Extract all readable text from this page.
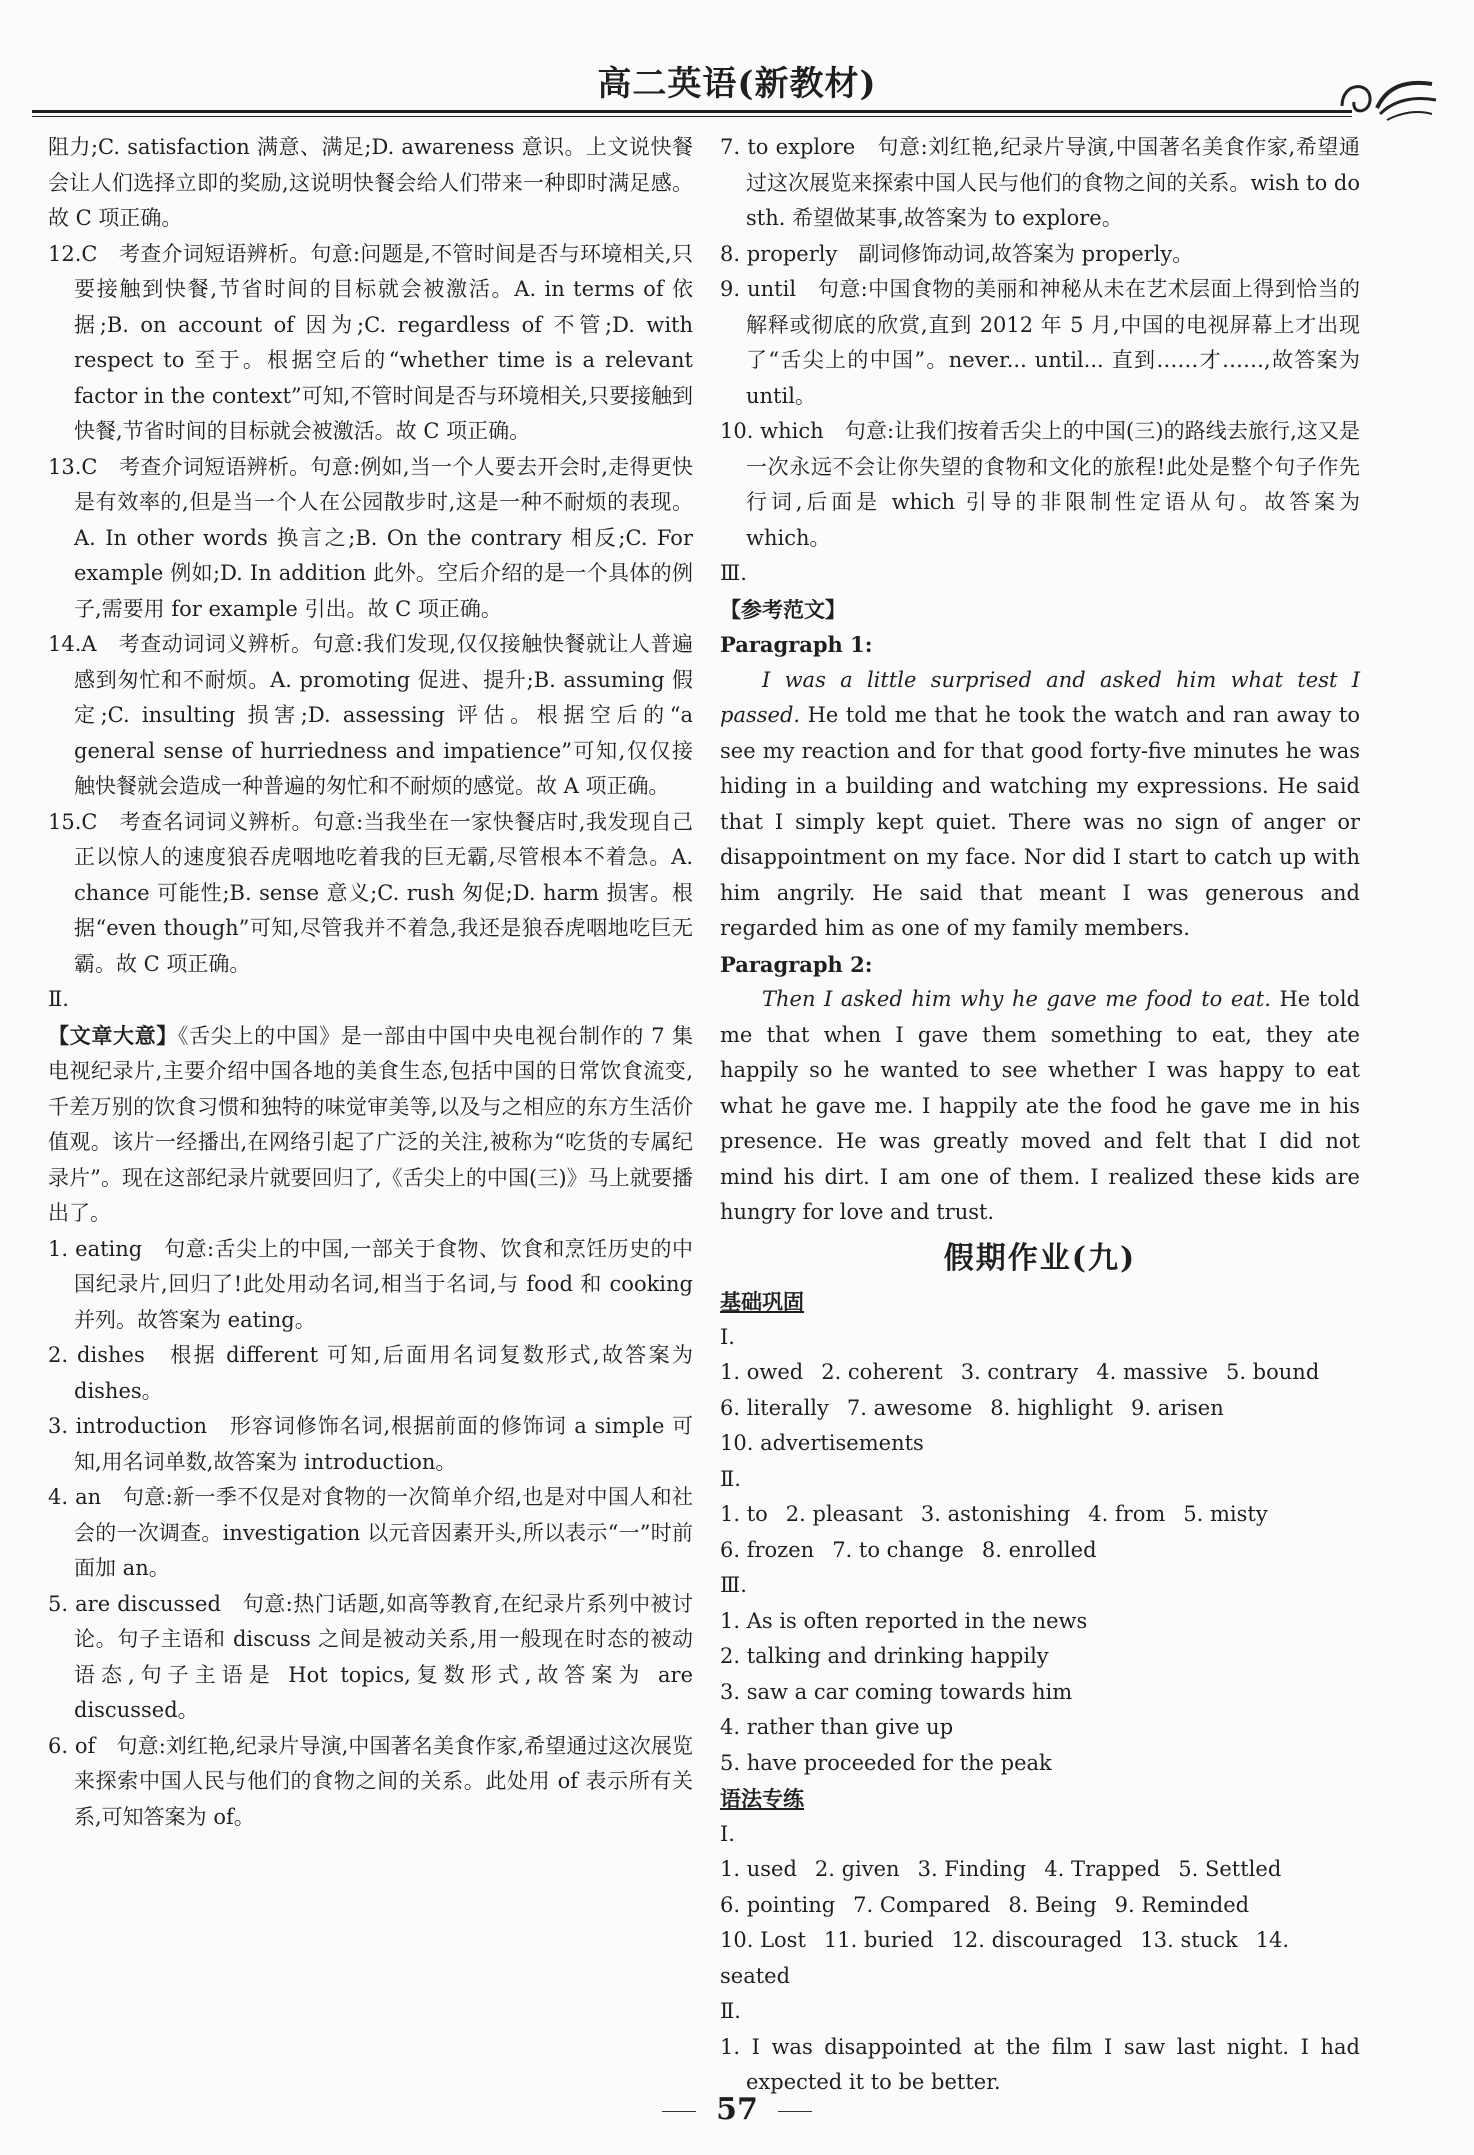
高二英语(新教材)

阻力;C. satisfaction 满意、满足;D. awareness 意识。上文说快餐会让人们选择立即的奖励,这说明快餐会给人们带来一种即时满足感。故 C 项正确。

12.C　考查介词短语辨析。句意:问题是,不管时间是否与环境相关,只要接触到快餐,节省时间的目标就会被激活。A. in terms of 依据;B. on account of 因为;C. regardless of 不管;D. with respect to 至于。根据空后的“whether time is a relevant factor in the context”可知,不管时间是否与环境相关,只要接触到快餐,节省时间的目标就会被激活。故 C 项正确。

13.C　考查介词短语辨析。句意:例如,当一个人要去开会时,走得更快是有效率的,但是当一个人在公园散步时,这是一种不耐烦的表现。A. In other words 换言之;B. On the contrary 相反;C. For example 例如;D. In addition 此外。空后介绍的是一个具体的例子,需要用 for example 引出。故 C 项正确。

14.A　考查动词词义辨析。句意:我们发现,仅仅接触快餐就让人普遍感到匆忙和不耐烦。A. promoting 促进、提升;B. assuming 假定;C. insulting 损害;D. assessing 评估。根据空后的“a general sense of hurriedness and impatience”可知,仅仅接触快餐就会造成一种普遍的匆忙和不耐烦的感觉。故 A 项正确。

15.C　考查名词词义辨析。句意:当我坐在一家快餐店时,我发现自己正以惊人的速度狼吞虎咽地吃着我的巨无霸,尽管根本不着急。A. chance 可能性;B. sense 意义;C. rush 匆促;D. harm 损害。根据“even though”可知,尽管我并不着急,我还是狼吞虎咽地吃巨无霸。故 C 项正确。

Ⅱ.

【文章大意】《舌尖上的中国》是一部由中国中央电视台制作的 7 集电视纪录片,主要介绍中国各地的美食生态,包括中国的日常饮食流变,千差万别的饮食习惯和独特的味觉审美等,以及与之相应的东方生活价值观。该片一经播出,在网络引起了广泛的关注,被称为“吃货的专属纪录片”。现在这部纪录片就要回归了,《舌尖上的中国(三)》马上就要播出了。

1. eating　句意:舌尖上的中国,一部关于食物、饮食和烹饪历史的中国纪录片,回归了!此处用动名词,相当于名词,与 food 和 cooking 并列。故答案为 eating。

2. dishes　根据 different 可知,后面用名词复数形式,故答案为 dishes。

3. introduction　形容词修饰名词,根据前面的修饰词 a simple 可知,用名词单数,故答案为 introduction。

4. an　句意:新一季不仅是对食物的一次简单介绍,也是对中国人和社会的一次调查。investigation 以元音因素开头,所以表示“一”时前面加 an。

5. are discussed　句意:热门话题,如高等教育,在纪录片系列中被讨论。句子主语和 discuss 之间是被动关系,用一般现在时态的被动语态,句子主语是 Hot topics,复数形式,故答案为 are discussed。

6. of　句意:刘红艳,纪录片导演,中国著名美食作家,希望通过这次展览来探索中国人民与他们的食物之间的关系。此处用 of 表示所有关系,可知答案为 of。

7. to explore　句意:刘红艳,纪录片导演,中国著名美食作家,希望通过这次展览来探索中国人民与他们的食物之间的关系。wish to do sth. 希望做某事,故答案为 to explore。

8. properly　副词修饰动词,故答案为 properly。

9. until　句意:中国食物的美丽和神秘从未在艺术层面上得到恰当的解释或彻底的欣赏,直到 2012 年 5 月,中国的电视屏幕上才出现了“舌尖上的中国”。never... until... 直到……才……,故答案为 until。

10. which　句意:让我们按着舌尖上的中国(三)的路线去旅行,这又是一次永远不会让你失望的食物和文化的旅程!此处是整个句子作先行词,后面是 which 引导的非限制性定语从句。故答案为 which。

Ⅲ.

【参考范文】

Paragraph 1:

I was a little surprised and asked him what test I passed. He told me that he took the watch and ran away to see my reaction and for that good forty-five minutes he was hiding in a building and watching my expressions. He said that I simply kept quiet. There was no sign of anger or disappointment on my face. Nor did I start to catch up with him angrily. He said that meant I was generous and regarded him as one of my family members.

Paragraph 2:

Then I asked him why he gave me food to eat. He told me that when I gave them something to eat, they ate happily so he wanted to see whether I was happy to eat what he gave me. I happily ate the food he gave me in his presence. He was greatly moved and felt that I did not mind his dirt. I am one of them. I realized these kids are hungry for love and trust.

假期作业(九)

基础巩固

Ⅰ.

1. owed 2. coherent 3. contrary 4. massive 5. bound

6. literally 7. awesome 8. highlight 9. arisen

10. advertisements

Ⅱ.

1. to 2. pleasant 3. astonishing 4. from 5. misty

6. frozen 7. to change 8. enrolled

Ⅲ.

1. As is often reported in the news

2. talking and drinking happily

3. saw a car coming towards him

4. rather than give up

5. have proceeded for the peak

语法专练

Ⅰ.

1. used 2. given 3. Finding 4. Trapped 5. Settled

6. pointing 7. Compared 8. Being 9. Reminded

10. Lost 11. buried 12. discouraged 13. stuck 14. seated

Ⅱ.

1. I was disappointed at the film I saw last night. I had expected it to be better.

57
